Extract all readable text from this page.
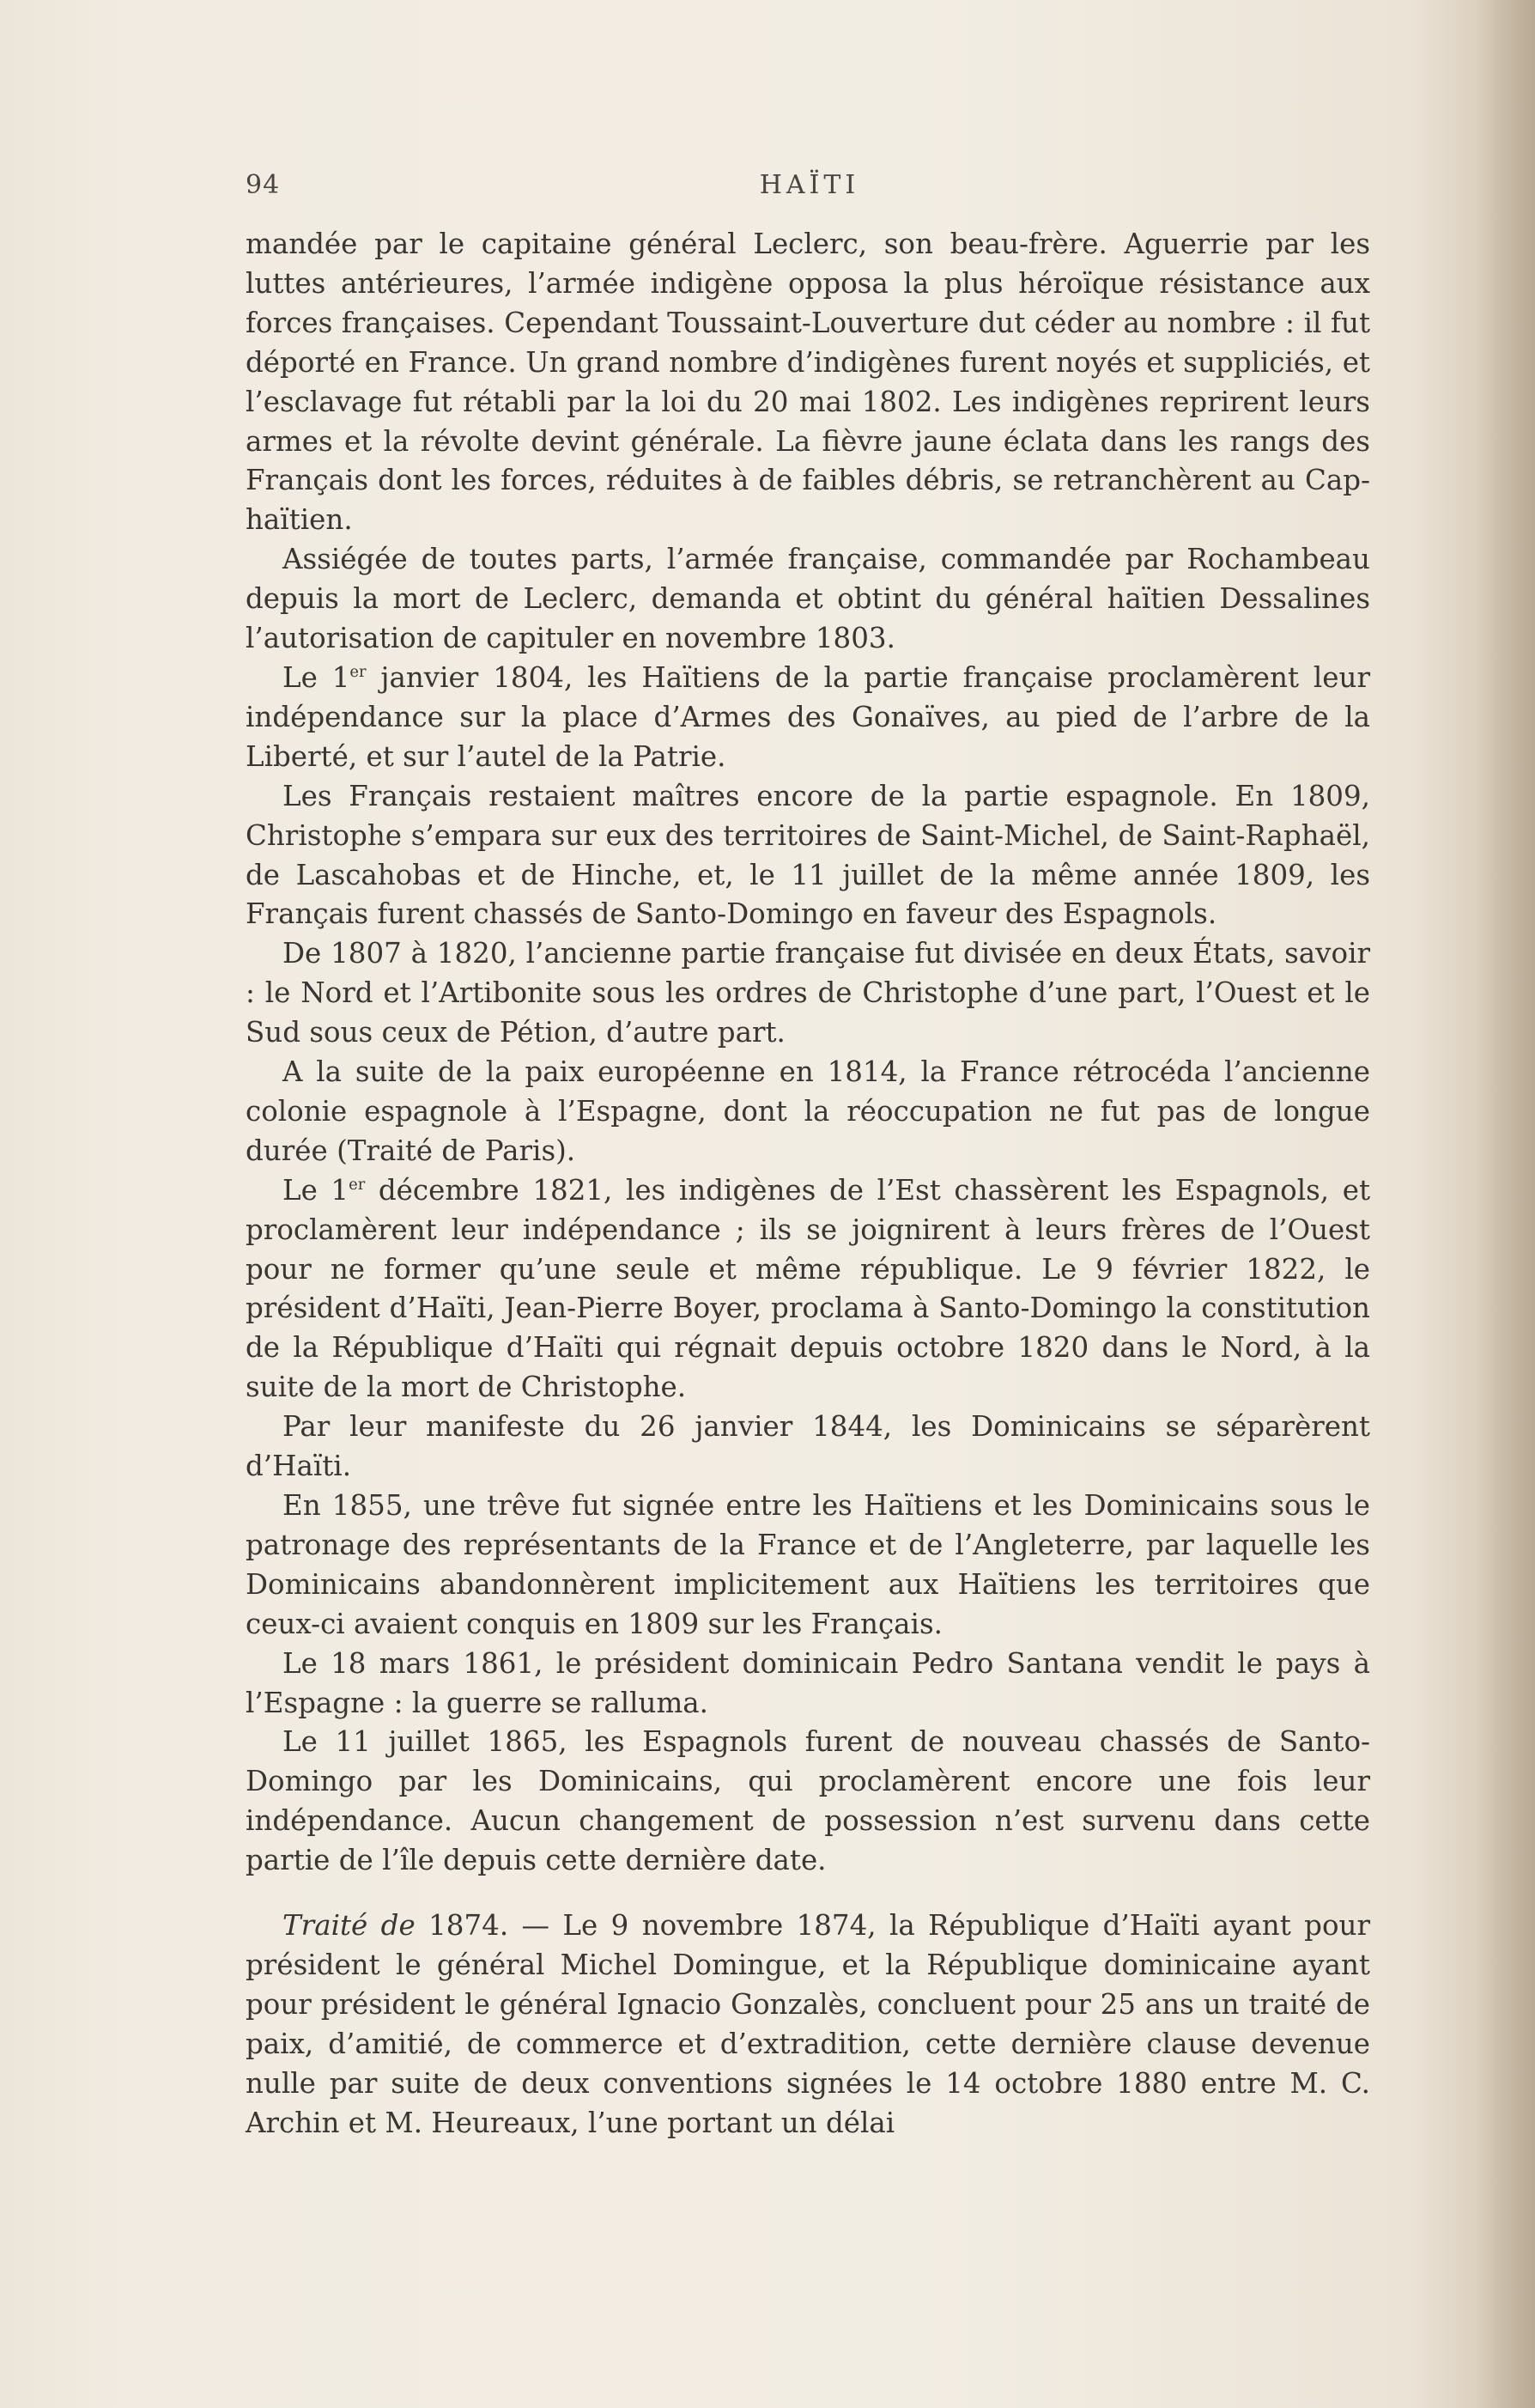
94	HAÏTI

mandée par le capitaine général Leclerc, son beau-frère. Aguerrie par les luttes antérieures, l’armée indigène opposa la plus héroïque résistance aux forces françaises. Cependant Toussaint-Louverture dut céder au nombre : il fut déporté en France. Un grand nombre d’indigènes furent noyés et suppliciés, et l’esclavage fut rétabli par la loi du 20 mai 1802. Les indigènes reprirent leurs armes et la révolte devint générale. La fièvre jaune éclata dans les rangs des Français dont les forces, réduites à de faibles débris, se retranchèrent au Cap-haïtien.

Assiégée de toutes parts, l’armée française, commandée par Rochambeau depuis la mort de Leclerc, demanda et obtint du général haïtien Dessalines l’autorisation de capituler en novembre 1803.

Le 1er janvier 1804, les Haïtiens de la partie française proclamèrent leur indépendance sur la place d’Armes des Gonaïves, au pied de l’arbre de la Liberté, et sur l’autel de la Patrie.

Les Français restaient maîtres encore de la partie espagnole. En 1809, Christophe s’empara sur eux des territoires de Saint-Michel, de Saint-Raphaël, de Lascahobas et de Hinche, et, le 11 juillet de la même année 1809, les Français furent chassés de Santo-Domingo en faveur des Espagnols.

De 1807 à 1820, l’ancienne partie française fut divisée en deux États, savoir : le Nord et l’Artibonite sous les ordres de Christophe d’une part, l’Ouest et le Sud sous ceux de Pétion, d’autre part.

A la suite de la paix européenne en 1814, la France rétrocéda l’ancienne colonie espagnole à l’Espagne, dont la réoccupation ne fut pas de longue durée (Traité de Paris).

Le 1er décembre 1821, les indigènes de l’Est chassèrent les Espagnols, et proclamèrent leur indépendance ; ils se joignirent à leurs frères de l’Ouest pour ne former qu’une seule et même république. Le 9 février 1822, le président d’Haïti, Jean-Pierre Boyer, proclama à Santo-Domingo la constitution de la République d’Haïti qui régnait depuis octobre 1820 dans le Nord, à la suite de la mort de Christophe.

Par leur manifeste du 26 janvier 1844, les Dominicains se séparèrent d’Haïti.

En 1855, une trêve fut signée entre les Haïtiens et les Dominicains sous le patronage des représentants de la France et de l’Angleterre, par laquelle les Dominicains abandonnèrent implicitement aux Haïtiens les territoires que ceux-ci avaient conquis en 1809 sur les Français.

Le 18 mars 1861, le président dominicain Pedro Santana vendit le pays à l’Espagne : la guerre se ralluma.

Le 11 juillet 1865, les Espagnols furent de nouveau chassés de Santo-Domingo par les Dominicains, qui proclamèrent encore une fois leur indépendance. Aucun changement de possession n’est survenu dans cette partie de l’île depuis cette dernière date.

Traité de 1874. — Le 9 novembre 1874, la République d’Haïti ayant pour président le général Michel Domingue, et la République dominicaine ayant pour président le général Ignacio Gonzalès, concluent pour 25 ans un traité de paix, d’amitié, de commerce et d’extradition, cette dernière clause devenue nulle par suite de deux conventions signées le 14 octobre 1880 entre M. C. Archin et M. Heureaux, l’une portant un délai
